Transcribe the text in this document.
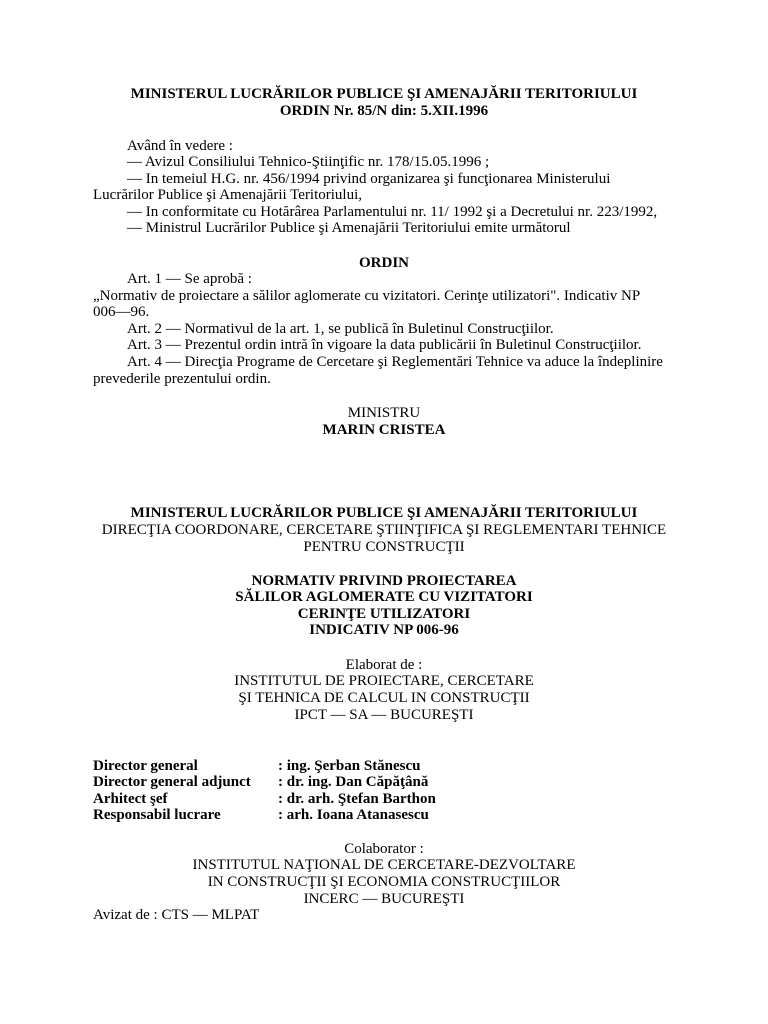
MINISTERUL LUCRĂRILOR PUBLICE ŞI AMENAJĂRII TERITORIULUI
ORDIN Nr. 85/N din: 5.XII.1996
Având în vedere :
— Avizul Consiliului Tehnico-Ştiinţific nr. 178/15.05.1996 ;
— In temeiul H.G. nr. 456/1994 privind organizarea şi funcţionarea Ministerului
Lucrărilor Publice şi Amenajării Teritoriului,
— In conformitate cu Hotărârea Parlamentului nr. 11/ 1992 şi a Decretului nr. 223/1992,
— Ministrul Lucrărilor Publice şi Amenajării Teritoriului emite următorul
ORDIN
Art. 1 — Se aprobă :
„Normativ de proiectare a sălilor aglomerate cu vizitatori. Cerinţe utilizatori". Indicativ NP
006—96.
Art. 2 — Normativul de la art. 1, se publică în Buletinul Construcţiilor.
Art. 3 — Prezentul ordin intră în vigoare la data publicării în Buletinul Construcţiilor.
Art. 4 — Direcţia Programe de Cercetare şi Reglementări Tehnice va aduce la îndeplinire
prevederile prezentului ordin.
MINISTRU
MARIN CRISTEA
MINISTERUL LUCRĂRILOR PUBLICE ŞI AMENAJĂRII TERITORIULUI
DIRECŢIA COORDONARE, CERCETARE ŞTIINŢIFICA ŞI REGLEMENTARI TEHNICE
PENTRU CONSTRUCŢII
NORMATIV PRIVIND PROIECTAREA
SĂLILOR AGLOMERATE CU VIZITATORI
CERINŢE UTILIZATORI
INDICATIV NP 006-96
Elaborat de :
INSTITUTUL DE PROIECTARE, CERCETARE
ŞI TEHNICA DE CALCUL IN CONSTRUCŢII
IPCT — SA — BUCUREŞTI
Director general	: ing. Şerban Stănescu
Director general adjunct : dr. ing. Dan Căpăţână
Arhitect şef	: dr. arh. Ştefan Barthon
Responsabil lucrare	: arh. Ioana Atanasescu
Colaborator :
INSTITUTUL NAŢIONAL DE CERCETARE-DEZVOLTARE
IN CONSTRUCŢII ŞI ECONOMIA CONSTRUCŢIILOR
INCERC — BUCUREŞTI
Avizat de : CTS — MLPAT
